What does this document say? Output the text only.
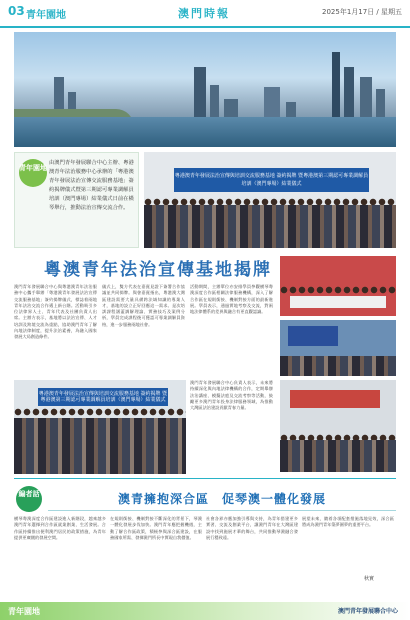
03 青年園地	澳門時報	2025年1月17日 / 星期五
青年園地
由澳門青年發展聯合中心主辦、粵港澳青年法治服務中心承辦的「粵港澳青年發展法治宣傳交流服務基地」簽約揭牌儀式暨第三期認可專業調解員培訓（澳門專場）結業儀式日前在橫琴舉行，推動法治宣傳交流合作。
粵港澳青年發展法治宣傳與培訓交流服務基地 簽約揭牌 暨粵港澳第三期認可專業調解員培訓（澳門專場）結業儀式
粵澳青年法治宣傳基地揭牌
澳門青年發展聯合中心與粵港澳青年法治服務中心攜手舉辦「粵港澳青年發展法治宣傳交流服務基地」簽約揭牌儀式，標誌着兩地青年法治交流合作邁上新台階。活動吸引多位法律界人士、青年代表及社團負責人出席。主辦方表示，基地將以法治宣傳、人才培訓及跨境交流為重點，協助澳門青年了解內地法律制度，提升法治素養，為融入國家發展大局創造條件。
儀式上，雙方代表在嘉賓見證下簽署合作協議並共同揭牌。與會嘉賓指出，粵港澳大灣區建設需要大量具備跨法域知識的專業人才，基地的設立正好回應這一需求。是次培訓課程涵蓋調解理論、實務技巧及案例分析，學員完成課程後可獲認可專業調解員資格，進一步服務兩地社會。
活動期間，主辦單位亦安排學員參觀橫琴粵澳深度合作區相關法律服務機構，深入了解合作區在規則銜接、機制對接方面的最新進展。學員表示，通過實地考察及交流，對兩地法律體系的差異與融合有更直觀認識。
澳門青年發展聯合中心負責人表示，未來將持續深化與內地法律機構的合作，定期舉辦法治講座、模擬法庭及交流考察等活動，鼓勵更多澳門青年投身法律服務領域，為推動大灣區法治建設貢獻青春力量。
粵港澳青年發展法治宣傳與培訓交流服務基地 簽約揭牌 暨粵港澳第三期認可專業調解員培訓（澳門專場）結業儀式
編者話	澳青擁抱深合區　促琴澳一體化發展
橫琴粵澳深度合作區建設進入新階段，越來越多澳門青年選擇到合作區就業創業、生活發展。合作區持續推出便利澳門居民的政策措施，為青年提供更廣闊的發展空間。
在規則銜接、機制對接不斷深化的背景下，琴澳一體化發展步伐加快。澳門青年應把握機遇，主動了解合作區政策，積極參與深合區建設，在服務國家所需、發揮澳門所長中實現自我價值。
社會各界亦應加強引導與支持，為青年搭建更多實習、交流及創業平台，讓澳門青年在大灣區建設中找到施展才華的舞台，共同推動琴澳融合發展行穩致遠。
展望未來，隨着各項配套措施落地見效，深合區將成為澳門青年築夢圓夢的重要平台。
秋實
青年園地	澳門青年發展聯合中心
